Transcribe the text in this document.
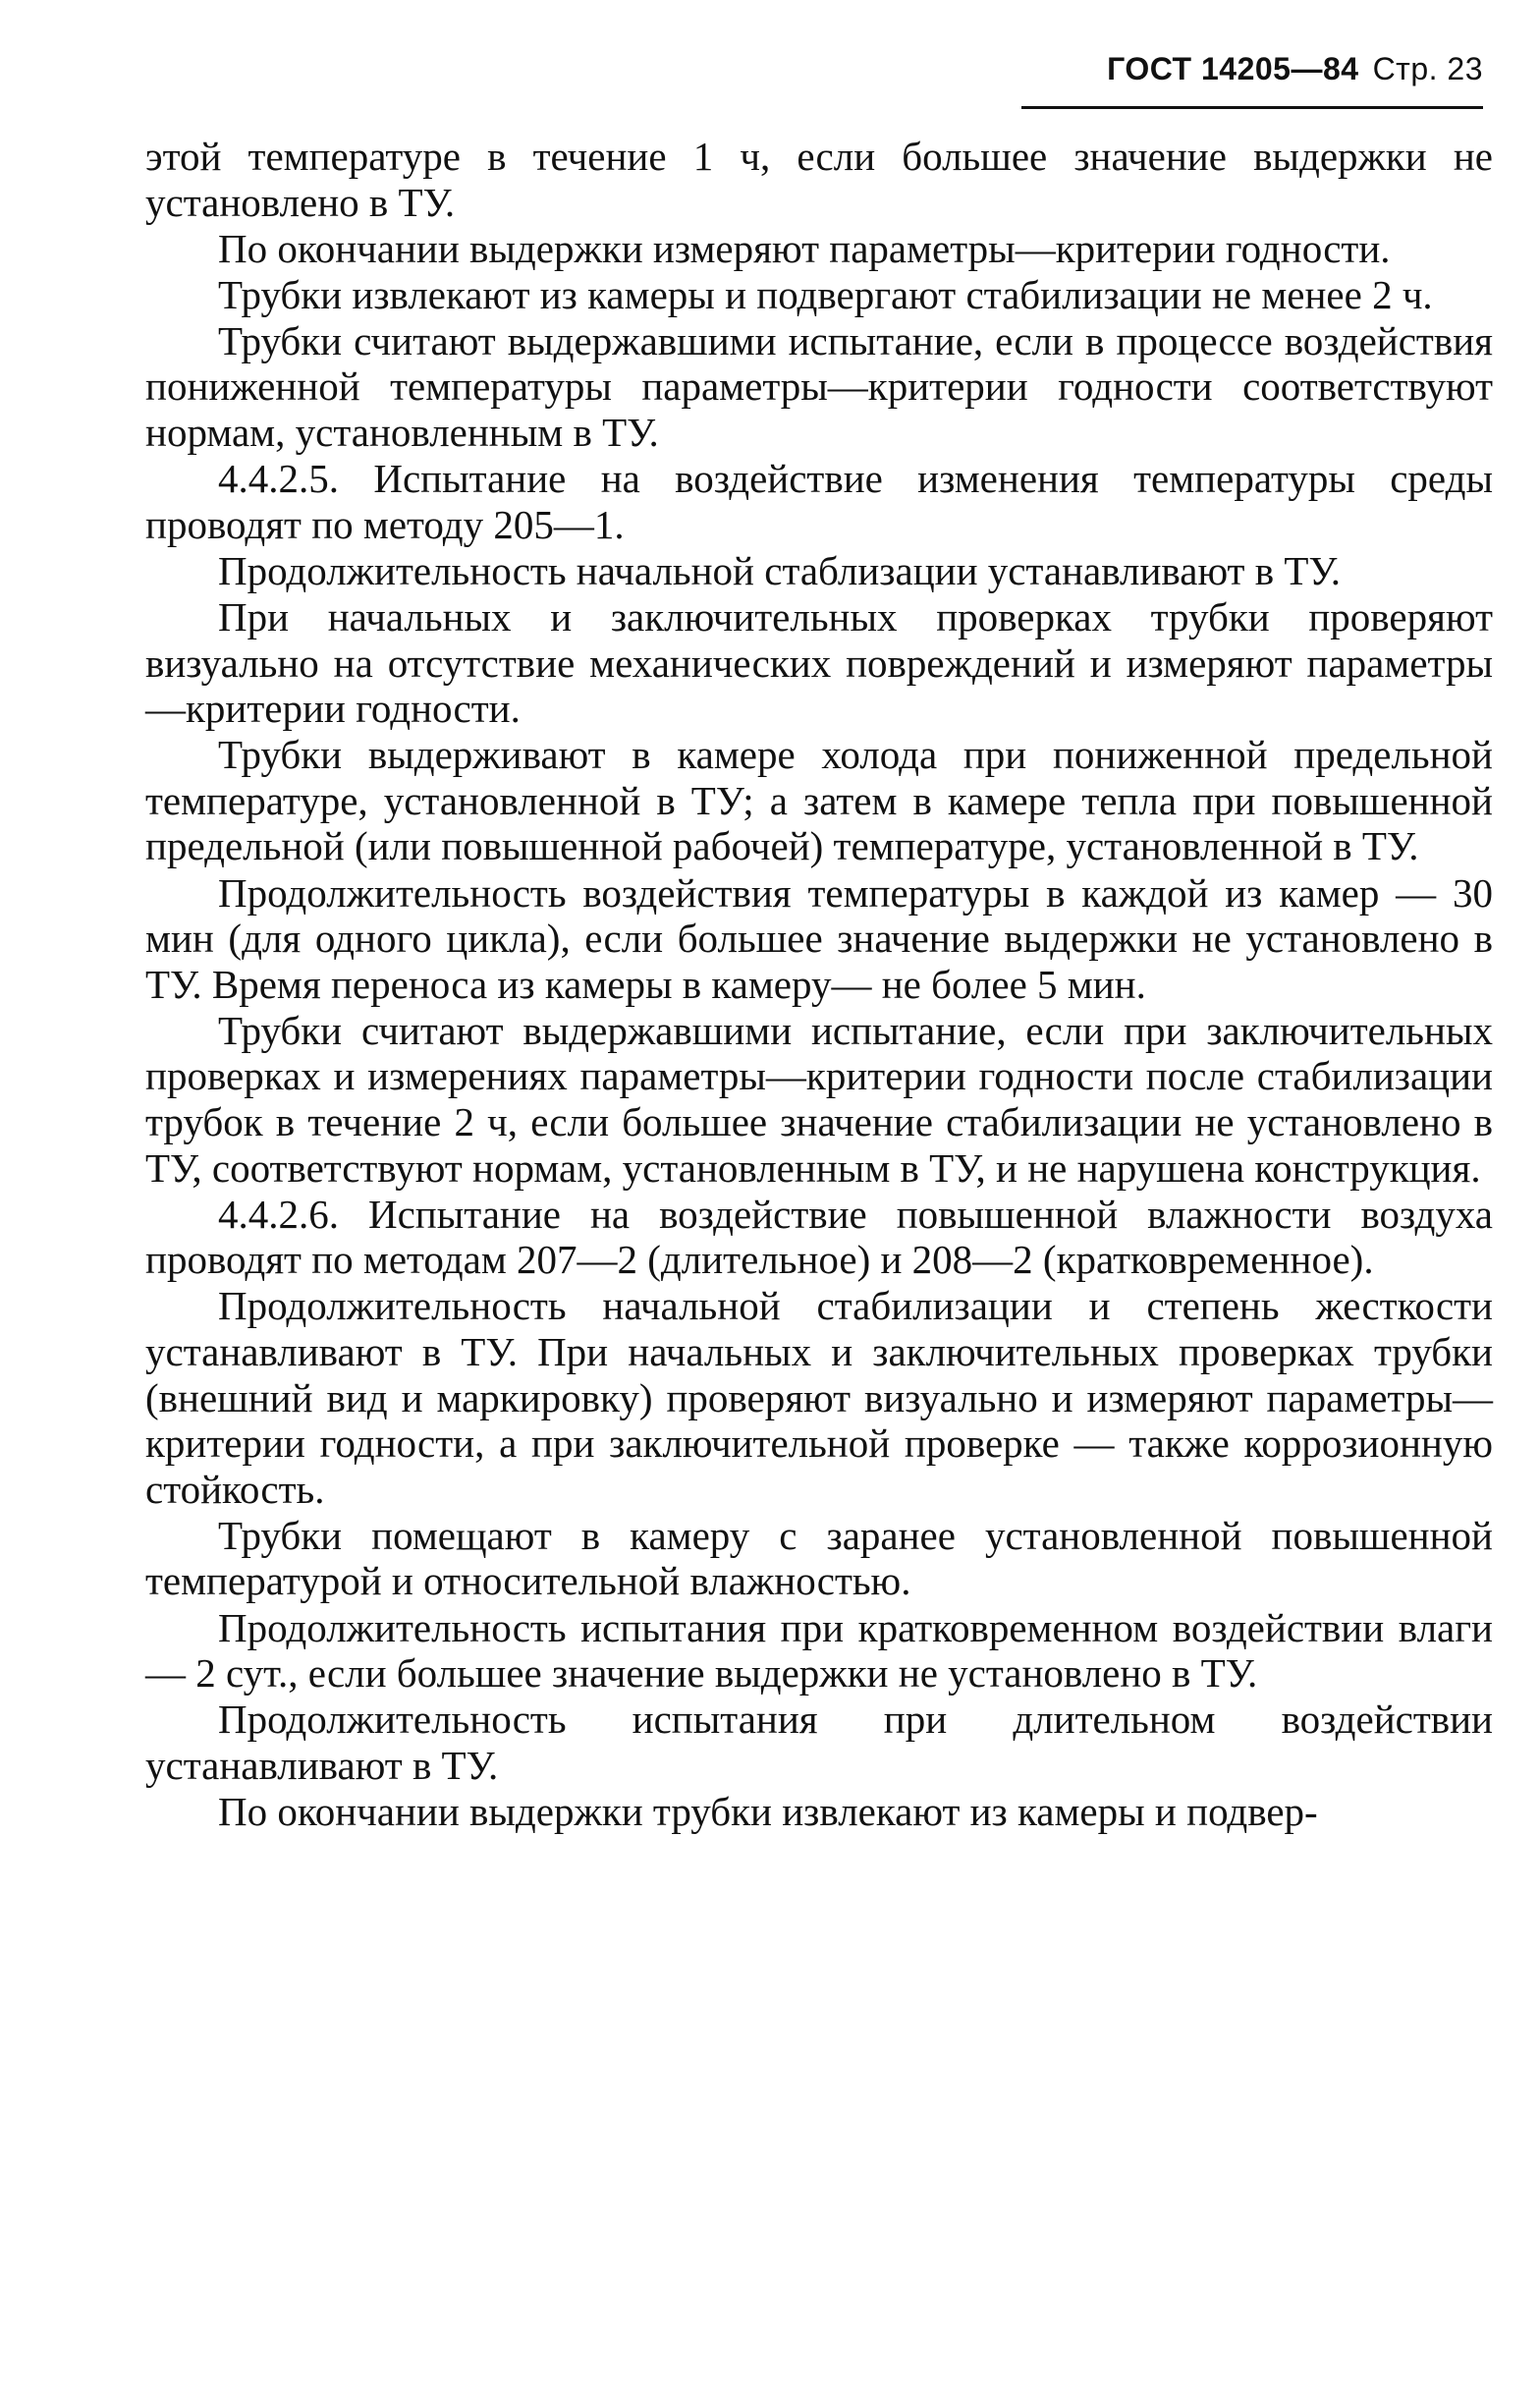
ГОСТ 14205—84 Стр. 23

этой температуре в течение 1 ч, если большее значение выдержки не установлено в ТУ.

По окончании выдержки измеряют параметры—критерии годности.

Трубки извлекают из камеры и подвергают стабилизации не менее 2 ч.

Трубки считают выдержавшими испытание, если в процессе воздействия пониженной температуры параметры—критерии годности соответствуют нормам, установленным в ТУ.

4.4.2.5. Испытание на воздействие изменения температуры среды проводят по методу 205—1.

Продолжительность начальной стаблизации устанавливают в ТУ.

При начальных и заключительных проверках трубки проверяют визуально на отсутствие механических повреждений и измеряют параметры—критерии годности.

Трубки выдерживают в камере холода при пониженной предельной температуре, установленной в ТУ; а затем в камере тепла при повышенной предельной (или повышенной рабочей) температуре, установленной в ТУ.

Продолжительность воздействия температуры в каждой из камер — 30 мин (для одного цикла), если большее значение выдержки не установлено в ТУ. Время переноса из камеры в камеру— не более 5 мин.

Трубки считают выдержавшими испытание, если при заключительных проверках и измерениях параметры—критерии годности после стабилизации трубок в течение 2 ч, если большее значение стабилизации не установлено в ТУ, соответствуют нормам, установленным в ТУ, и не нарушена конструкция.

4.4.2.6. Испытание на воздействие повышенной влажности воздуха проводят по методам 207—2 (длительное) и 208—2 (кратковременное).

Продолжительность начальной стабилизации и степень жесткости устанавливают в ТУ. При начальных и заключительных проверках трубки (внешний вид и маркировку) проверяют визуально и измеряют параметры—критерии годности, а при заключительной проверке — также коррозионную стойкость.

Трубки помещают в камеру с заранее установленной повышенной температурой и относительной влажностью.

Продолжительность испытания при кратковременном воздействии влаги — 2 сут., если большее значение выдержки не установлено в ТУ.

Продолжительность испытания при длительном воздействии устанавливают в ТУ.

По окончании выдержки трубки извлекают из камеры и подвер-
